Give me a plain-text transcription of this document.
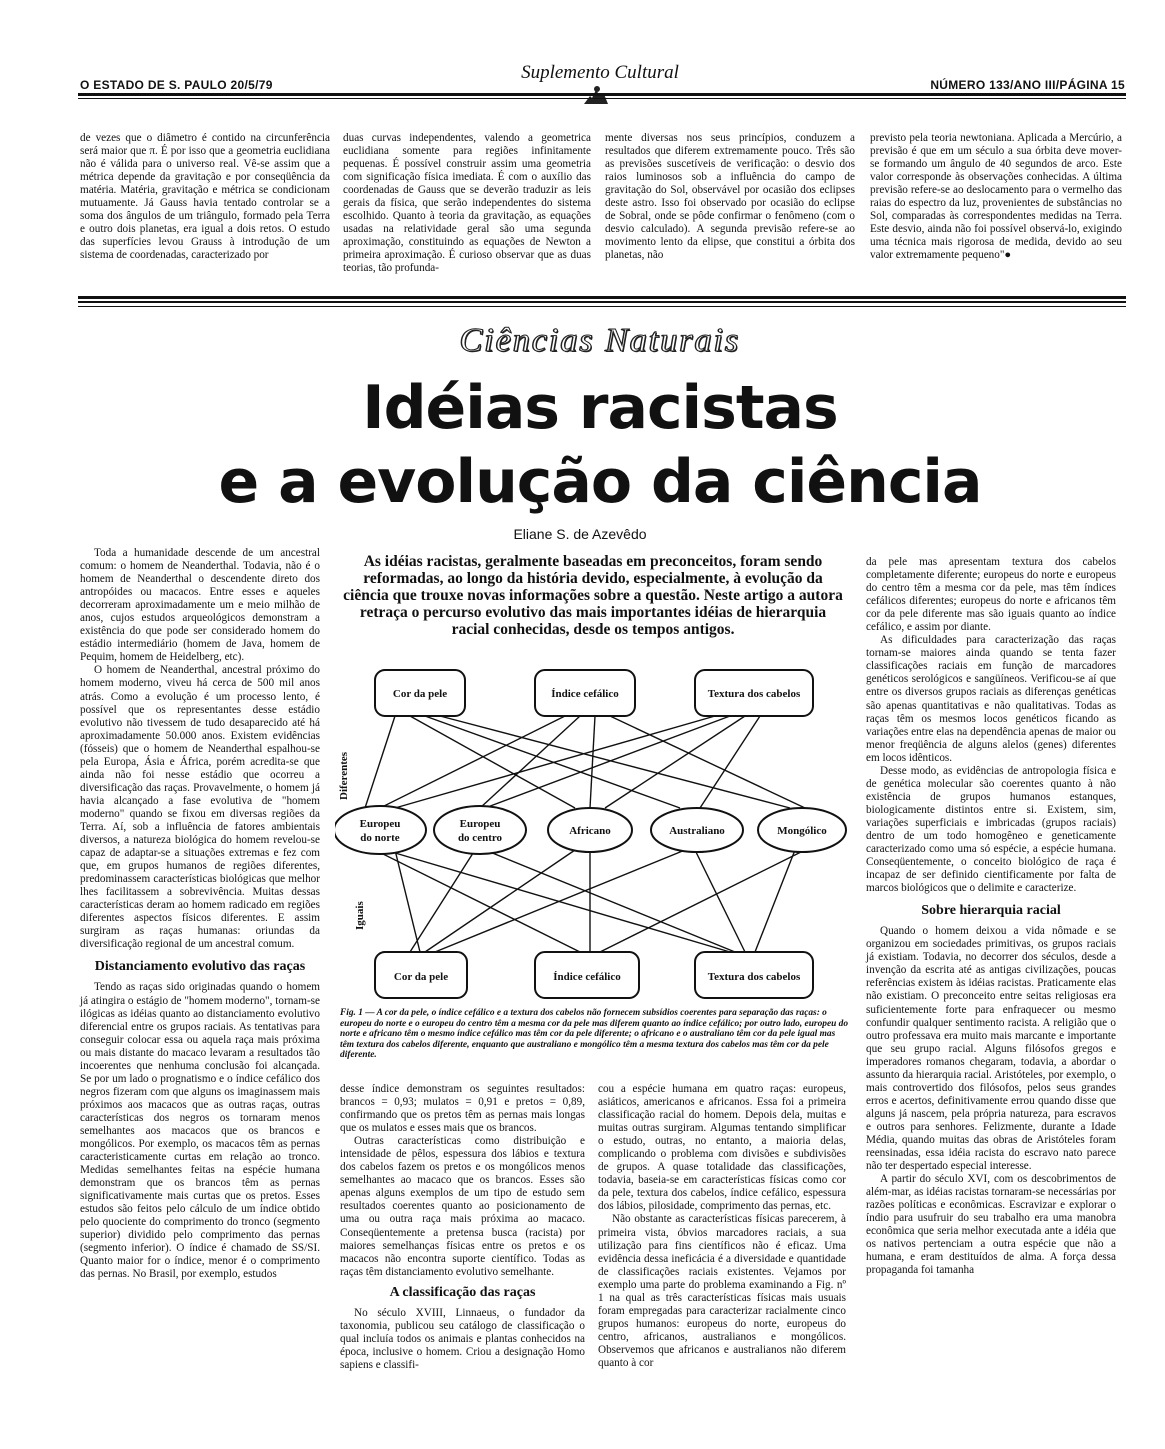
O ESTADO DE S. PAULO 20/5/79
Suplemento Cultural
NÚMERO 133/ANO III/PÁGINA 15

de vezes que o diâmetro é contido na circunferência será maior que π. É por isso que a geometria euclidiana não é válida para o universo real. Vê-se assim que a métrica depende da gravitação e por conseqüência da matéria. Matéria, gravitação e métrica se condicionam mutuamente. Já Gauss havia tentado controlar se a soma dos ângulos de um triângulo, formado pela Terra e outro dois planetas, era igual a dois retos. O estudo das superfícies levou Grauss à introdução de um sistema de coordenadas, caracterizado por

duas curvas independentes, valendo a geometrica euclidiana somente para regiões infinitamente pequenas. É possível construir assim uma geometria com significação física imediata. É com o auxílio das coordenadas de Gauss que se deverão traduzir as leis gerais da física, que serão independentes do sistema escolhido. Quanto à teoria da gravitação, as equações usadas na relatividade geral são uma segunda aproximação, constituindo as equações de Newton a primeira aproximação. É curioso observar que as duas teorias, tão profunda-

mente diversas nos seus princípios, conduzem a resultados que diferem extremamente pouco. Três são as previsões suscetíveis de verificação: o desvio dos raios luminosos sob a influência do campo de gravitação do Sol, observável por ocasião dos eclipses deste astro. Isso foi observado por ocasião do eclipse de Sobral, onde se pôde confirmar o fenômeno (com o desvio calculado). A segunda previsão refere-se ao movimento lento da elipse, que constitui a órbita dos planetas, não

previsto pela teoria newtoniana. Aplicada a Mercúrio, a previsão é que em um século a sua órbita deve mover-se formando um ângulo de 40 segundos de arco. Este valor corresponde às observações conhecidas. A última previsão refere-se ao deslocamento para o vermelho das raias do espectro da luz, provenientes de substâncias no Sol, comparadas às correspondentes medidas na Terra. Este desvio, ainda não foi possível observá-lo, exigindo uma técnica mais rigorosa de medida, devido ao seu valor extremamente pequeno"●

Ciências Naturais
Idéias racistas
e a evolução da ciência
Eliane S. de Azevêdo
As idéias racistas, geralmente baseadas em preconceitos, foram sendo reformadas, ao longo da história devido, especialmente, à evolução da ciência que trouxe novas informações sobre a questão. Neste artigo a autora retraça o percurso evolutivo das mais importantes idéias de hierarquia racial conhecidas, desde os tempos antigos.
Cor da pele	Índice cefálico	Textura dos cabelos
Europeu
do norte
Europeu
do centro
Africano	Australiano	Mongólico
Cor da pele	Índice cefálico	Textura dos cabelos
Diferentes
Iguais
Fig. 1 — A cor da pele, o índice cefálico e a textura dos cabelos não fornecem subsídios coerentes para separação das raças: o europeu do norte e o europeu do centro têm a mesma cor da pele mas diferem quanto ao índice cefálico; por outro lado, europeu do norte e africano têm o mesmo índice cefálico mas têm cor da pele diferente; o africano e o australiano têm cor da pele igual mas têm textura dos cabelos diferente, enquanto que australiano e mongólico têm a mesma textura dos cabelos mas têm cor da pele diferente.

Toda a humanidade descende de um ancestral comum: o homem de Neanderthal. Todavia, não é o homem de Neanderthal o descendente direto dos antropóides ou macacos. Entre esses e aqueles decorreram aproximadamente um e meio milhão de anos, cujos estudos arqueológicos demonstram a existência do que pode ser considerado homem do estádio intermediário (homem de Java, homem de Pequim, homem de Heidelberg, etc).

O homem de Neanderthal, ancestral próximo do homem moderno, viveu há cerca de 500 mil anos atrás. Como a evolução é um processo lento, é possível que os representantes desse estádio evolutivo não tivessem de tudo desaparecido até há aproximadamente 50.000 anos. Existem evidências (fósseis) que o homem de Neanderthal espalhou-se pela Europa, Ásia e África, porém acredita-se que ainda não foi nesse estádio que ocorreu a diversificação das raças. Provavelmente, o homem já havia alcançado a fase evolutiva de "homem moderno" quando se fixou em diversas regiões da Terra. Aí, sob a influência de fatores ambientais diversos, a natureza biológica do homem revelou-se capaz de adaptar-se a situações extremas e fez com que, em grupos humanos de regiões diferentes, predominassem características biológicas que melhor lhes facilitassem a sobrevivência. Muitas dessas características deram ao homem radicado em regiões diferentes aspectos físicos diferentes. E assim surgiram as raças humanas: oriundas da diversificação regional de um ancestral comum.

Distanciamento evolutivo das raças

Tendo as raças sido originadas quando o homem já atingira o estágio de "homem moderno", tornam-se ilógicas as idéias quanto ao distanciamento evolutivo diferencial entre os grupos raciais. As tentativas para conseguir colocar essa ou aquela raça mais próxima ou mais distante do macaco levaram a resultados tão incoerentes que nenhuma conclusão foi alcançada. Se por um lado o prognatismo e o índice cefálico dos negros fizeram com que alguns os imaginassem mais próximos aos macacos que as outras raças, outras características dos negros os tornaram menos semelhantes aos macacos que os brancos e mongólicos. Por exemplo, os macacos têm as pernas caracteristicamente curtas em relação ao tronco. Medidas semelhantes feitas na espécie humana demonstram que os brancos têm as pernas significativamente mais curtas que os pretos. Esses estudos são feitos pelo cálculo de um índice obtido pelo quociente do comprimento do tronco (segmento superior) dividido pelo comprimento das pernas (segmento inferior). O índice é chamado de SS/SI. Quanto maior for o índice, menor é o comprimento das pernas. No Brasil, por exemplo, estudos

desse índice demonstram os seguintes resultados: brancos = 0,93; mulatos = 0,91 e pretos = 0,89, confirmando que os pretos têm as pernas mais longas que os mulatos e esses mais que os brancos.

Outras características como distribuição e intensidade de pêlos, espessura dos lábios e textura dos cabelos fazem os pretos e os mongólicos menos semelhantes ao macaco que os brancos. Esses são apenas alguns exemplos de um tipo de estudo sem resultados coerentes quanto ao posicionamento de uma ou outra raça mais próxima ao macaco. Conseqüentemente a pretensa busca (racista) por maiores semelhanças físicas entre os pretos e os macacos não encontra suporte científico. Todas as raças têm distanciamento evolutivo semelhante.

A classificação das raças

No século XVIII, Linnaeus, o fundador da taxonomia, publicou seu catálogo de classificação o qual incluía todos os animais e plantas conhecidos na época, inclusive o homem. Criou a designação Homo sapiens e classifi-

cou a espécie humana em quatro raças: europeus, asiáticos, americanos e africanos. Essa foi a primeira classificação racial do homem. Depois dela, muitas e muitas outras surgiram. Algumas tentando simplificar o estudo, outras, no entanto, a maioria delas, complicando o problema com divisões e subdivisões de grupos. A quase totalidade das classificações, todavia, baseia-se em características físicas como cor da pele, textura dos cabelos, índice cefálico, espessura dos lábios, pilosidade, comprimento das pernas, etc.

Não obstante as características físicas parecerem, à primeira vista, óbvios marcadores raciais, a sua utilização para fins científicos não é eficaz. Uma evidência dessa ineficácia é a diversidade e quantidade de classificações raciais existentes. Vejamos por exemplo uma parte do problema examinando a Fig. nº 1 na qual as três características físicas mais usuais foram empregadas para caracterizar racialmente cinco grupos humanos: europeus do norte, europeus do centro, africanos, australianos e mongólicos. Observemos que africanos e australianos não diferem quanto à cor

da pele mas apresentam textura dos cabelos completamente diferente; europeus do norte e europeus do centro têm a mesma cor da pele, mas têm índices cefálicos diferentes; europeus do norte e africanos têm cor da pele diferente mas são iguais quanto ao índice cefálico, e assim por diante.

As dificuldades para caracterização das raças tornam-se maiores ainda quando se tenta fazer classificações raciais em função de marcadores genéticos serológicos e sangüíneos. Verificou-se aí que entre os diversos grupos raciais as diferenças genéticas são apenas quantitativas e não qualitativas. Todas as raças têm os mesmos locos genéticos ficando as variações entre elas na dependência apenas de maior ou menor freqüência de alguns alelos (genes) diferentes em locos idênticos.

Desse modo, as evidências de antropologia física e de genética molecular são coerentes quanto à não existência de grupos humanos estanques, biologicamente distintos entre si. Existem, sim, variações superficiais e imbricadas (grupos raciais) dentro de um todo homogêneo e geneticamente caracterizado como uma só espécie, a espécie humana. Conseqüentemente, o conceito biológico de raça é incapaz de ser definido cientificamente por falta de marcos biológicos que o delimite e caracterize.

Sobre hierarquia racial

Quando o homem deixou a vida nômade e se organizou em sociedades primitivas, os grupos raciais já existiam. Todavia, no decorrer dos séculos, desde a invenção da escrita até as antigas civilizações, poucas referências existem às idéias racistas. Praticamente elas não existiam. O preconceito entre seitas religiosas era suficientemente forte para enfraquecer ou mesmo confundir qualquer sentimento racista. A religião que o outro professava era muito mais marcante e importante que seu grupo racial. Alguns filósofos gregos e imperadores romanos chegaram, todavia, a abordar o assunto da hierarquia racial. Aristóteles, por exemplo, o mais controvertido dos filósofos, pelos seus grandes erros e acertos, definitivamente errou quando disse que alguns já nascem, pela própria natureza, para escravos e outros para senhores. Felizmente, durante a Idade Média, quando muitas das obras de Aristóteles foram reensinadas, essa idéia racista do escravo nato parece não ter despertado especial interesse.

A partir do século XVI, com os descobrimentos de além-mar, as idéias racistas tornaram-se necessárias por razões políticas e econômicas. Escravizar e explorar o índio para usufruir do seu trabalho era uma manobra econômica que seria melhor executada ante a idéia que os nativos pertenciam a outra espécie que não a humana, e eram destituídos de alma. A força dessa propaganda foi tamanha
